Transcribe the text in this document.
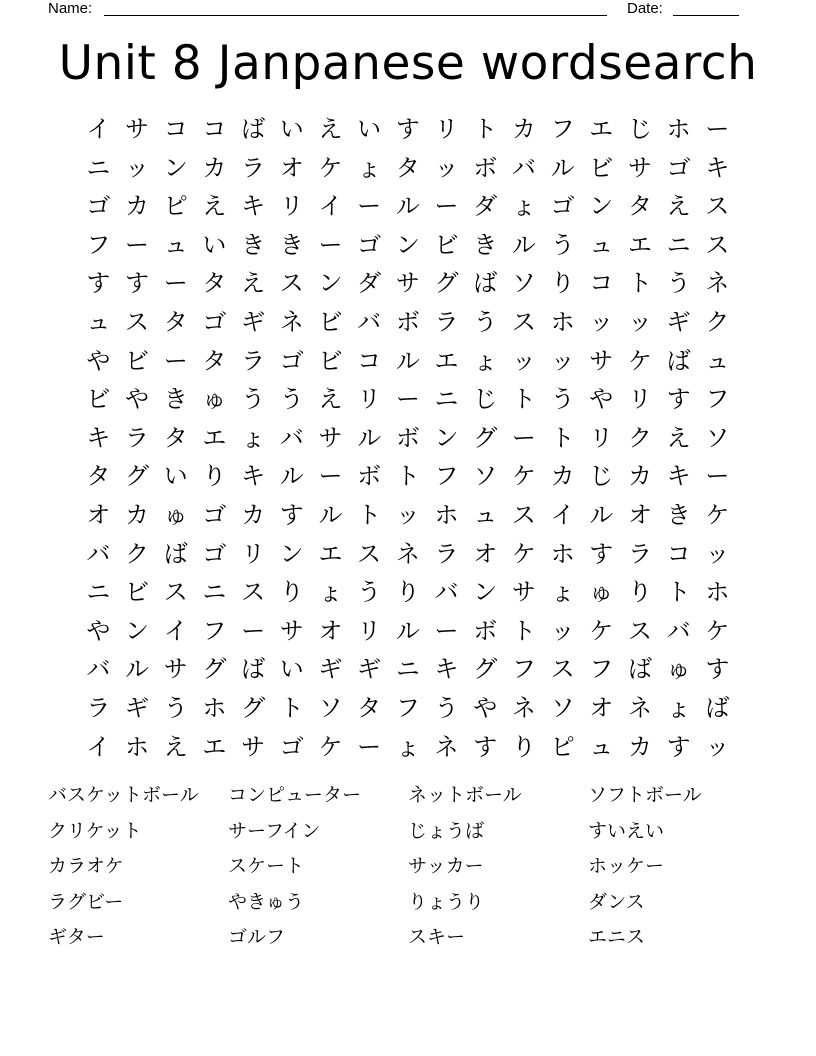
Name:	Date:
Unit 8 Janpanese wordsearch
イ サ コ コ ば い え い す リ ト カ フ エ じ ホ ー
ニ ッ ン カ ラ オ ケ ょ タ ッ ボ バ ル ビ サ ゴ キ
ゴ カ ピ え キ リ イ ー ル ー ダ ょ ゴ ン タ え ス
フ ー ュ い き き ー ゴ ン ビ き ル う ュ エ ニ ス
す す ー タ え ス ン ダ サ グ ば ソ り コ ト う ネ
ュ ス タ ゴ ギ ネ ビ バ ボ ラ う ス ホ ッ ッ ギ ク
や ビ ー タ ラ ゴ ビ コ ル エ ょ ッ ッ サ ケ ば ュ
ビ や き ゅ う う え リ ー ニ じ ト う や リ す フ
キ ラ タ エ ょ バ サ ル ボ ン グ ー ト リ ク え ソ
タ グ い り キ ル ー ボ ト フ ソ ケ カ じ カ キ ー
オ カ ゅ ゴ カ す ル ト ッ ホ ュ ス イ ル オ き ケ
バ ク ば ゴ リ ン エ ス ネ ラ オ ケ ホ す ラ コ ッ
ニ ビ ス ニ ス り ょ う り バ ン サ ょ ゅ り ト ホ
や ン イ フ ー サ オ リ ル ー ボ ト ッ ケ ス バ ケ
バ ル サ グ ば い ギ ギ ニ キ グ フ ス フ ば ゅ す
ラ ギ う ホ グ ト ソ タ フ う や ネ ソ オ ネ ょ ば
イ ホ え エ サ ゴ ケ ー ょ ネ す り ピ ュ カ す ッ
バスケットボール	コンピューター	ネットボール	ソフトボール
クリケット	サーフイン	じょうば	すいえい
カラオケ	スケート	サッカー	ホッケー
ラグビー	やきゅう	りょうり	ダンス
ギター	ゴルフ	スキー	エニス
